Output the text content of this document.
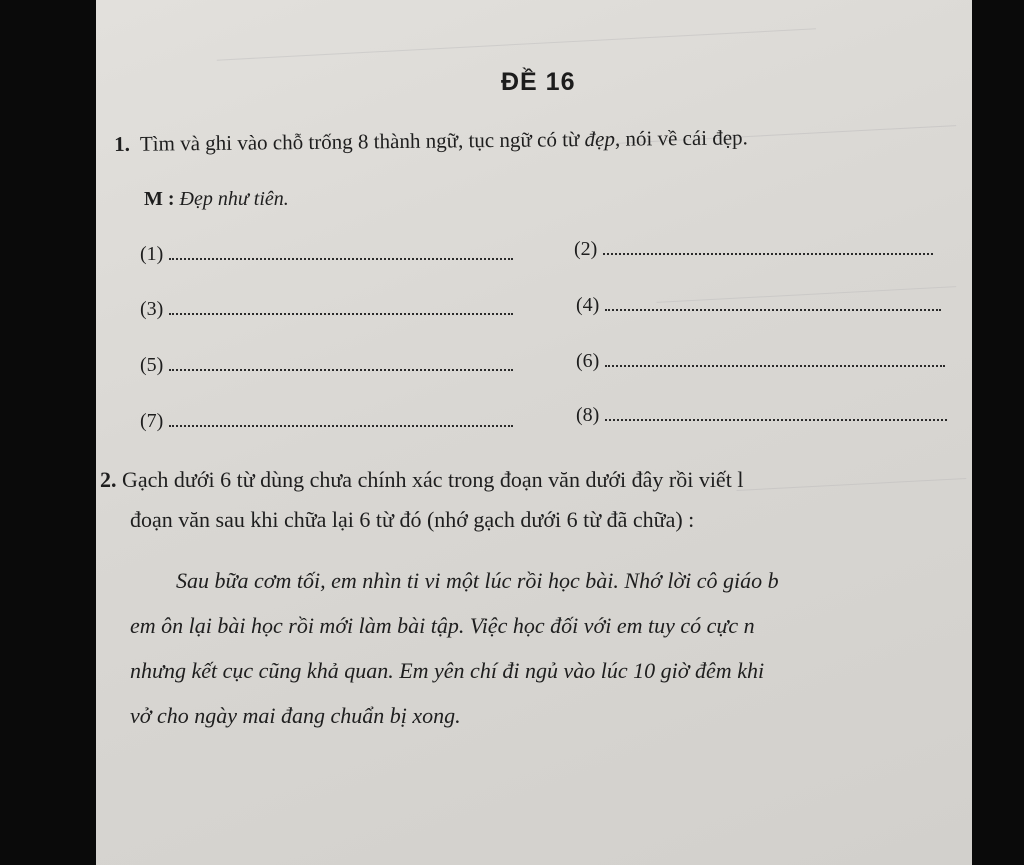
ĐỀ 16
1. Tìm và ghi vào chỗ trống 8 thành ngữ, tục ngữ có từ đẹp, nói về cái đẹp.
M : Đẹp như tiên.
(1)	(2)
(3)	(4)
(5)	(6)
(7)	(8)
2. Gạch dưới 6 từ dùng chưa chính xác trong đoạn văn dưới đây rồi viết l
đoạn văn sau khi chữa lại 6 từ đó (nhớ gạch dưới 6 từ đã chữa) :
Sau bữa cơm tối, em nhìn ti vi một lúc rồi học bài. Nhớ lời cô giáo b
em ôn lại bài học rồi mới làm bài tập. Việc học đối với em tuy có cực n
nhưng kết cục cũng khả quan. Em yên chí đi ngủ vào lúc 10 giờ đêm khi
vở cho ngày mai đang chuẩn bị xong.
